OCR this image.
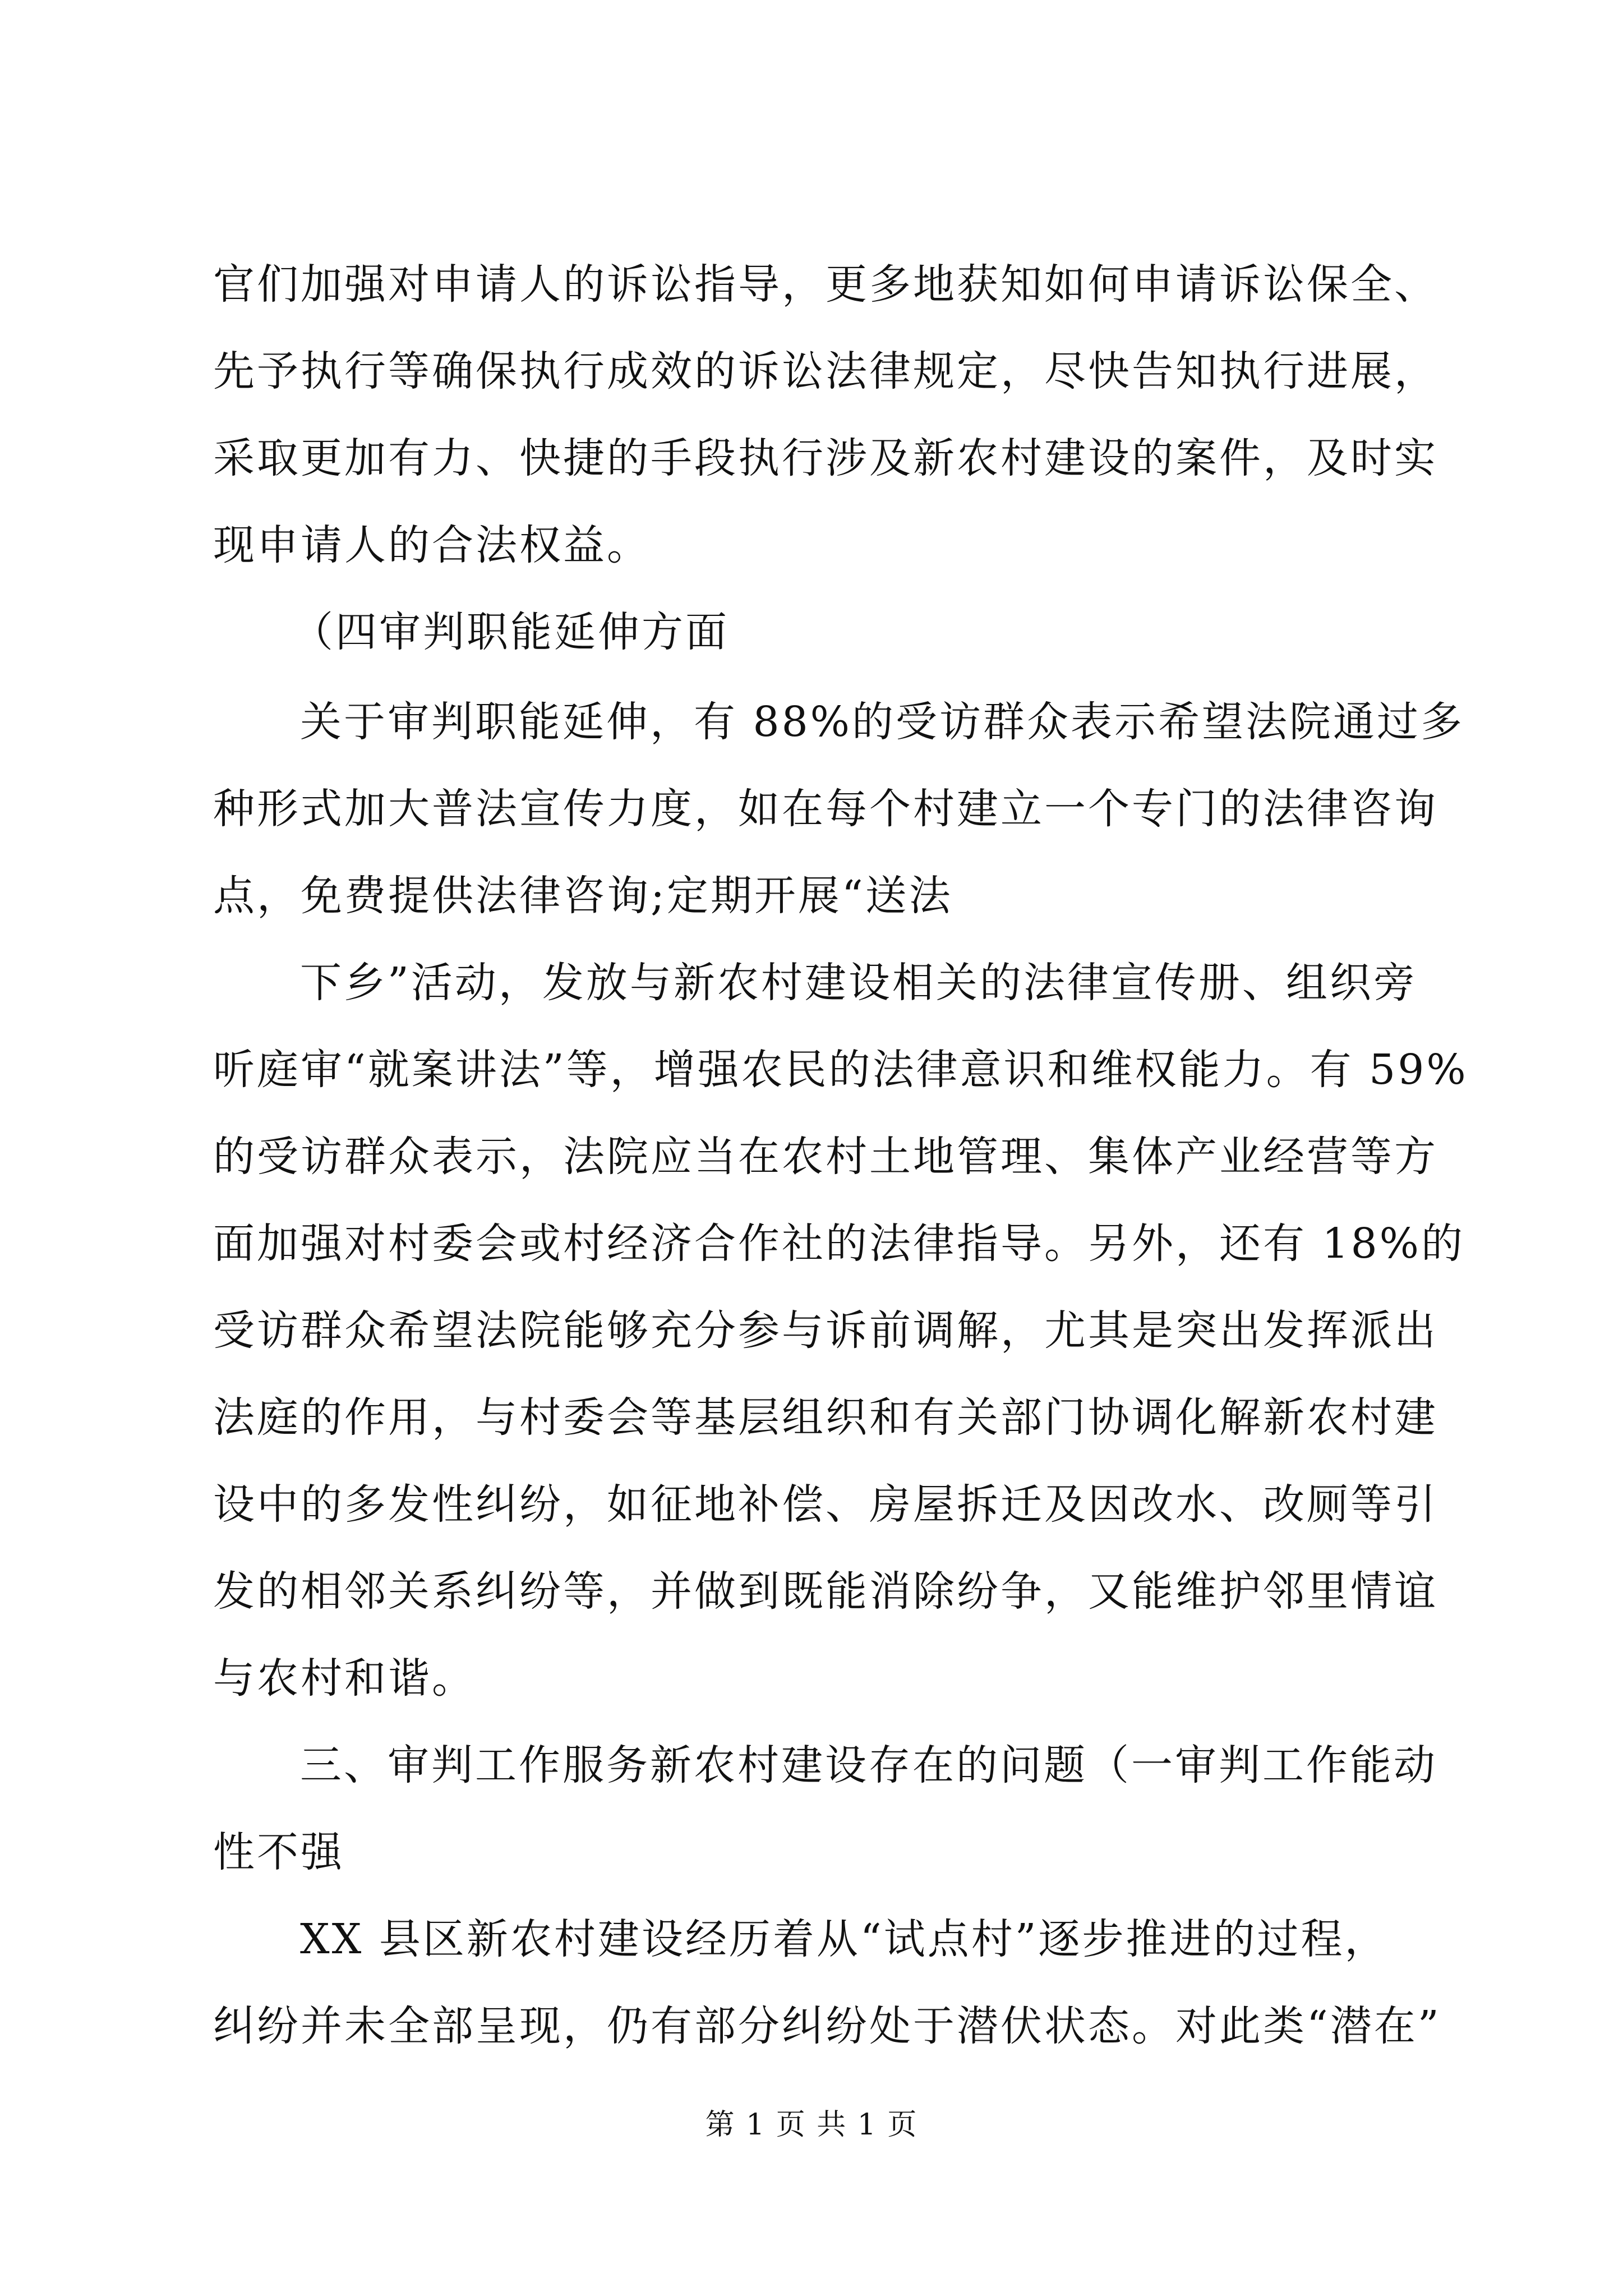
官们加强对申请人的诉讼指导，更多地获知如何申请诉讼保全、
先予执行等确保执行成效的诉讼法律规定，尽快告知执行进展，
采取更加有力、快捷的手段执行涉及新农村建设的案件，及时实
现申请人的合法权益。
（四审判职能延伸方面
关于审判职能延伸，有 88%的受访群众表示希望法院通过多
种形式加大普法宣传力度，如在每个村建立一个专门的法律咨询
点，免费提供法律咨询;定期开展“送法
下乡”活动，发放与新农村建设相关的法律宣传册、组织旁
听庭审“就案讲法”等，增强农民的法律意识和维权能力。有 59%
的受访群众表示，法院应当在农村土地管理、集体产业经营等方
面加强对村委会或村经济合作社的法律指导。另外，还有 18%的
受访群众希望法院能够充分参与诉前调解，尤其是突出发挥派出
法庭的作用，与村委会等基层组织和有关部门协调化解新农村建
设中的多发性纠纷，如征地补偿、房屋拆迁及因改水、改厕等引
发的相邻关系纠纷等，并做到既能消除纷争，又能维护邻里情谊
与农村和谐。
三、审判工作服务新农村建设存在的问题（一审判工作能动
性不强
XX 县区新农村建设经历着从“试点村”逐步推进的过程，
纠纷并未全部呈现，仍有部分纠纷处于潜伏状态。对此类“潜在”
第 1 页 共 1 页
